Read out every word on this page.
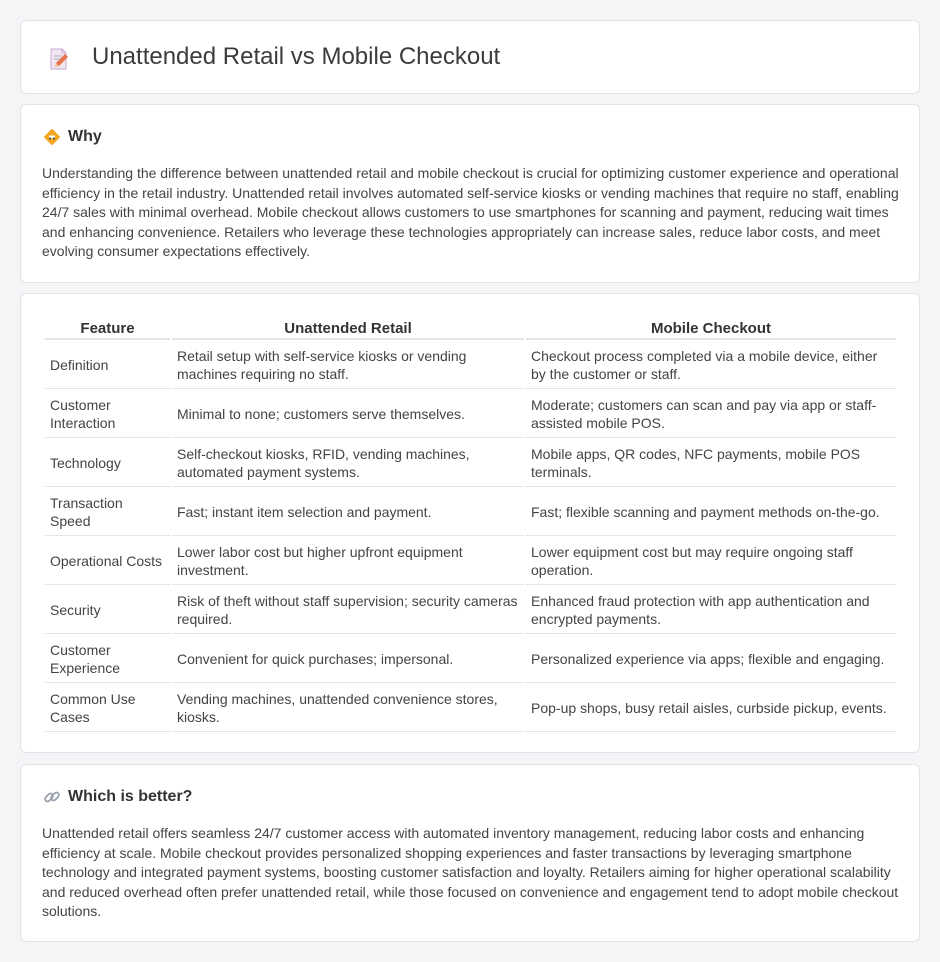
Unattended Retail vs Mobile Checkout
Why

Understanding the difference between unattended retail and mobile checkout is crucial for optimizing customer experience and operational efficiency in the retail industry. Unattended retail involves automated self-service kiosks or vending machines that require no staff, enabling 24/7 sales with minimal overhead. Mobile checkout allows customers to use smartphones for scanning and payment, reducing wait times and enhancing convenience. Retailers who leverage these technologies appropriately can increase sales, reduce labor costs, and meet evolving consumer expectations effectively.

Feature	Unattended Retail	Mobile Checkout
Definition	Retail setup with self-service kiosks or vending machines requiring no staff.	Checkout process completed via a mobile device, either by the customer or staff.
Customer Interaction	Minimal to none; customers serve themselves.	Moderate; customers can scan and pay via app or staff-assisted mobile POS.
Technology	Self-checkout kiosks, RFID, vending machines, automated payment systems.	Mobile apps, QR codes, NFC payments, mobile POS terminals.
Transaction Speed	Fast; instant item selection and payment.	Fast; flexible scanning and payment methods on-the-go.
Operational Costs	Lower labor cost but higher upfront equipment investment.	Lower equipment cost but may require ongoing staff operation.
Security	Risk of theft without staff supervision; security cameras required.	Enhanced fraud protection with app authentication and encrypted payments.
Customer Experience	Convenient for quick purchases; impersonal.	Personalized experience via apps; flexible and engaging.
Common Use Cases	Vending machines, unattended convenience stores, kiosks.	Pop-up shops, busy retail aisles, curbside pickup, events.
Which is better?

Unattended retail offers seamless 24/7 customer access with automated inventory management, reducing labor costs and enhancing efficiency at scale. Mobile checkout provides personalized shopping experiences and faster transactions by leveraging smartphone technology and integrated payment systems, boosting customer satisfaction and loyalty. Retailers aiming for higher operational scalability and reduced overhead often prefer unattended retail, while those focused on convenience and engagement tend to adopt mobile checkout solutions.
